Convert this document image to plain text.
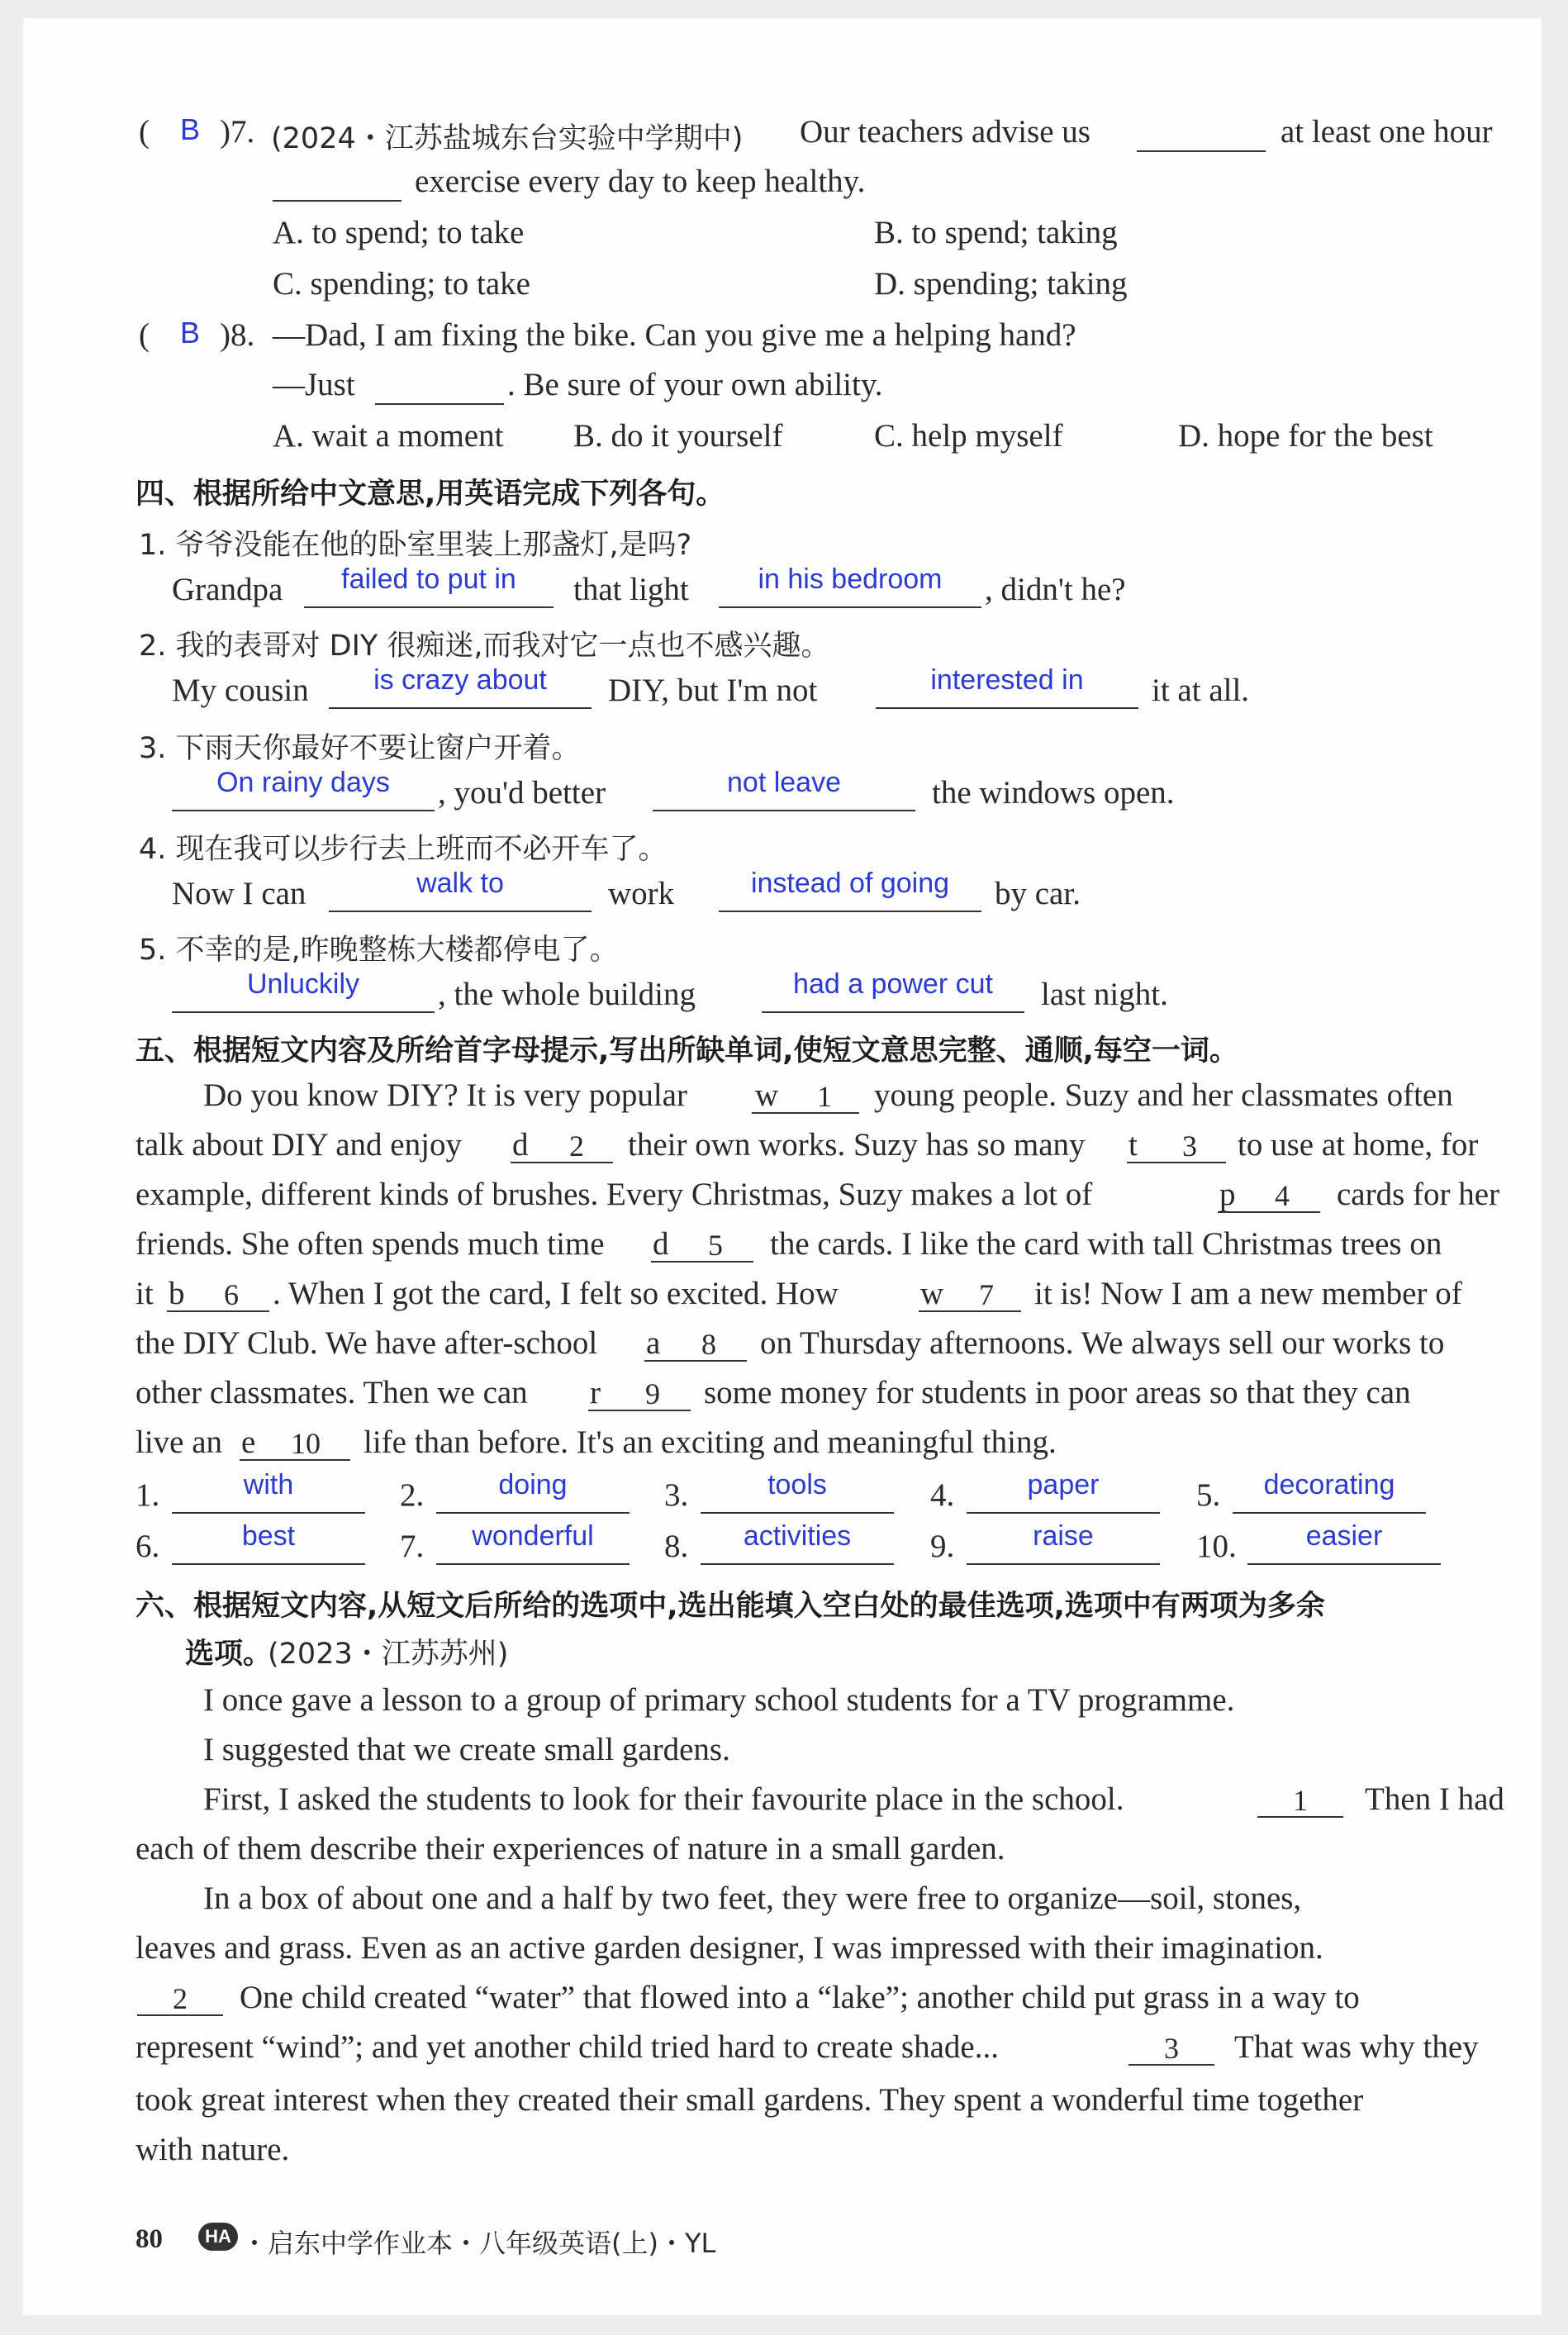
( B )7. (2024・江苏盐城东台实验中学期中) Our teachers advise us	at least one hour
exercise every day to keep healthy.
A. to spend; to take	B. to spend; taking
C. spending; to take	D. spending; taking
( B )8. —Dad, I am fixing the bike. Can you give me a helping hand?
—Just	. Be sure of your own ability.
A. wait a moment B. do it yourself	C. help myself	D. hope for the best
四、根据所给中文意思,用英语完成下列各句。
1. 爷爷没能在他的卧室里装上那盏灯,是吗?
Grandpa	failed to put in	that light	in his bedroom	, didn't he?
2. 我的表哥对 DIY 很痴迷,而我对它一点也不感兴趣。
My cousin	is crazy about	DIY, but I'm not	interested in	it at all.
3. 下雨天你最好不要让窗户开着。
On rainy days	, you'd better	not leave	the windows open.
4. 现在我可以步行去上班而不必开车了。
Now I can	walk to	work	instead of going	by car.
5. 不幸的是,昨晚整栋大楼都停电了。
Unluckily	, the whole building	had a power cut	last night.
五、根据短文内容及所给首字母提示,写出所缺单词,使短文意思完整、通顺,每空一词。
Do you know DIY? It is very popular w	1	young people. Suzy and her classmates often
talk about DIY and enjoy d	2	their own works. Suzy has so many t	3	to use at home, for
example, different kinds of brushes. Every Christmas, Suzy makes a lot of	p	4	cards for her
friends. She often spends much time d	5	the cards. I like the card with tall Christmas trees on
it b	6	. When I got the card, I felt so excited. How	w	7	it is! Now I am a new member of
the DIY Club. We have after-school a	8	on Thursday afternoons. We always sell our works to
other classmates. Then we can r	9	some money for students in poor areas so that they can
live an e	10	life than before. It's an exciting and meaningful thing.
1.	with	2.	doing	3.	tools	4.	paper	5.	decorating
6.	best	7.	wonderful	8.	activities	9.	raise	10.	easier
六、根据短文内容,从短文后所给的选项中,选出能填入空白处的最佳选项,选项中有两项为多余
选项。
(2023・江苏苏州)
I once gave a lesson to a group of primary school students for a TV programme.
I suggested that we create small gardens.
First, I asked the students to look for their favourite place in the school.	1	Then I had
each of them describe their experiences of nature in a small garden.
In a box of about one and a half by two feet, they were free to organize—soil, stones,
leaves and grass. Even as an active garden designer, I was impressed with their imagination.
2	One child created “water” that flowed into a “lake”; another child put grass in a way to
represent “wind”; and yet another child tried hard to create shade...	3	That was why they
took great interest when they created their small gardens. They spent a wonderful time together
with nature.
80	HA ・启东中学作业本・八年级英语(上)・YL
